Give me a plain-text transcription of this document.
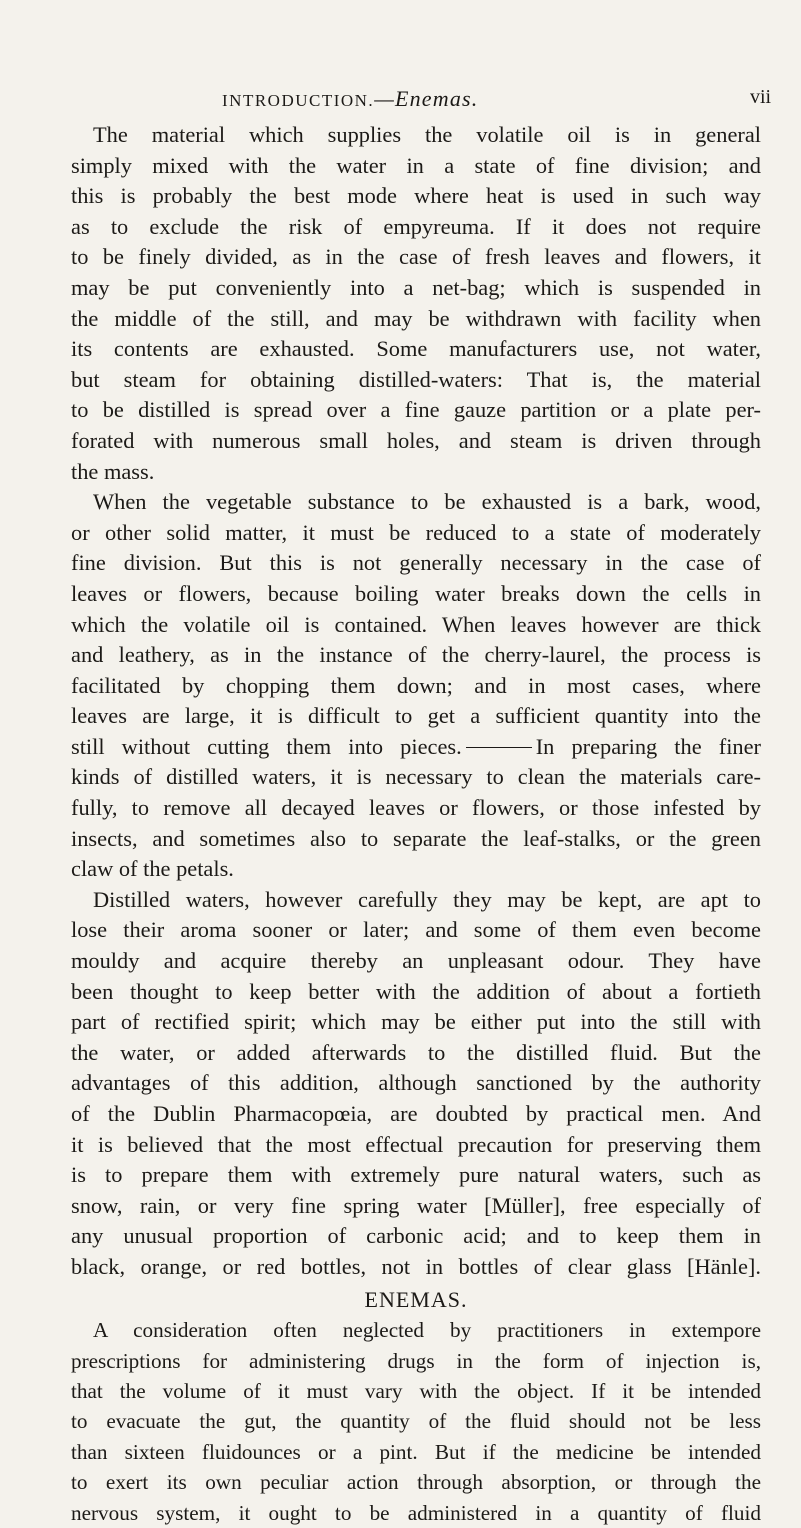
INTRODUCTION.—Enemas.	vii
The material which supplies the volatile oil is in general
simply mixed with the water in a state of fine division; and
this is probably the best mode where heat is used in such way
as to exclude the risk of empyreuma. If it does not require
to be finely divided, as in the case of fresh leaves and flowers, it
may be put conveniently into a net-bag; which is suspended in
the middle of the still, and may be withdrawn with facility when
its contents are exhausted. Some manufacturers use, not water,
but steam for obtaining distilled-waters: That is, the material
to be distilled is spread over a fine gauze partition or a plate per-
forated with numerous small holes, and steam is driven through
the mass.
When the vegetable substance to be exhausted is a bark, wood,
or other solid matter, it must be reduced to a state of moderately
fine division. But this is not generally necessary in the case of
leaves or flowers, because boiling water breaks down the cells in
which the volatile oil is contained. When leaves however are thick
and leathery, as in the instance of the cherry-laurel, the process is
facilitated by chopping them down; and in most cases, where
leaves are large, it is difficult to get a sufficient quantity into the
still without cutting them into pieces.	In preparing the finer
kinds of distilled waters, it is necessary to clean the materials care-
fully, to remove all decayed leaves or flowers, or those infested by
insects, and sometimes also to separate the leaf-stalks, or the green
claw of the petals.
Distilled waters, however carefully they may be kept, are apt to
lose their aroma sooner or later; and some of them even become
mouldy and acquire thereby an unpleasant odour. They have
been thought to keep better with the addition of about a fortieth
part of rectified spirit; which may be either put into the still with
the water, or added afterwards to the distilled fluid. But the
advantages of this addition, although sanctioned by the authority
of the Dublin Pharmacopœia, are doubted by practical men. And
it is believed that the most effectual precaution for preserving them
is to prepare them with extremely pure natural waters, such as
snow, rain, or very fine spring water [Müller], free especially of
any unusual proportion of carbonic acid; and to keep them in
black, orange, or red bottles, not in bottles of clear glass [Hänle].
ENEMAS.
A consideration often neglected by practitioners in extempore
prescriptions for administering drugs in the form of injection is,
that the volume of it must vary with the object. If it be intended
to evacuate the gut, the quantity of the fluid should not be less
than sixteen fluidounces or a pint. But if the medicine be intended
to exert its own peculiar action through absorption, or through the
nervous system, it ought to be administered in a quantity of fluid
